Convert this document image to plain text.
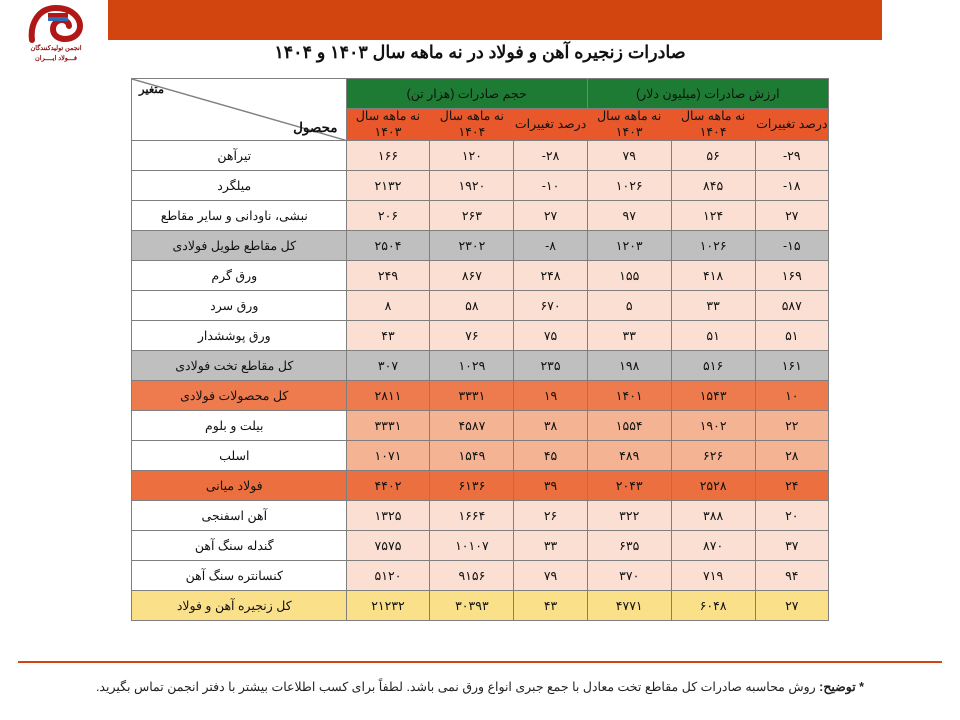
انجمن تولیدکنندگان
فـــولاد ایــــران	صادرات زنجیره آهن و فولاد در نه ماهه سال ۱۴۰۳ و ۱۴۰۴
ارزش صادرات (میلیون دلار)			حجم صادرات (هزار تن)			متغیر
محصول

درصد تغییرات	نه ماهه سال ۱۴۰۴	نه ماهه سال ۱۴۰۳	درصد تغییرات	نه ماهه سال ۱۴۰۴	نه ماهه سال ۱۴۰۳	
۲۹-	۵۶	۷۹	۲۸-	۱۲۰	۱۶۶	تیرآهن
۱۸-	۸۴۵	۱۰۲۶	۱۰-	۱۹۲۰	۲۱۳۲	میلگرد
۲۷	۱۲۴	۹۷	۲۷	۲۶۳	۲۰۶	نبشی، ناودانی و سایر مقاطع
۱۵-	۱۰۲۶	۱۲۰۳	۸-	۲۳۰۲	۲۵۰۴	کل مقاطع طویل فولادی
۱۶۹	۴۱۸	۱۵۵	۲۴۸	۸۶۷	۲۴۹	ورق گرم
۵۸۷	۳۳	۵	۶۷۰	۵۸	۸	ورق سرد
۵۱	۵۱	۳۳	۷۵	۷۶	۴۳	ورق پوششدار
۱۶۱	۵۱۶	۱۹۸	۲۳۵	۱۰۲۹	۳۰۷	کل مقاطع تخت فولادی
۱۰	۱۵۴۳	۱۴۰۱	۱۹	۳۳۳۱	۲۸۱۱	کل محصولات فولادی
۲۲	۱۹۰۲	۱۵۵۴	۳۸	۴۵۸۷	۳۳۳۱	بیلت و بلوم
۲۸	۶۲۶	۴۸۹	۴۵	۱۵۴۹	۱۰۷۱	اسلب
۲۴	۲۵۲۸	۲۰۴۳	۳۹	۶۱۳۶	۴۴۰۲	فولاد میانی
۲۰	۳۸۸	۳۲۲	۲۶	۱۶۶۴	۱۳۲۵	آهن اسفنجی
۳۷	۸۷۰	۶۳۵	۳۳	۱۰۱۰۷	۷۵۷۵	گندله سنگ آهن
۹۴	۷۱۹	۳۷۰	۷۹	۹۱۵۶	۵۱۲۰	کنسانتره سنگ آهن
۲۷	۶۰۴۸	۴۷۷۱	۴۳	۳۰۳۹۳	۲۱۲۳۲	کل زنجیره آهن و فولاد
* توضیح: روش محاسبه صادرات کل مقاطع تخت معادل با جمع جبری انواع ورق نمی باشد. لطفاً برای کسب اطلاعات بیشتر با دفتر انجمن تماس بگیرید.
